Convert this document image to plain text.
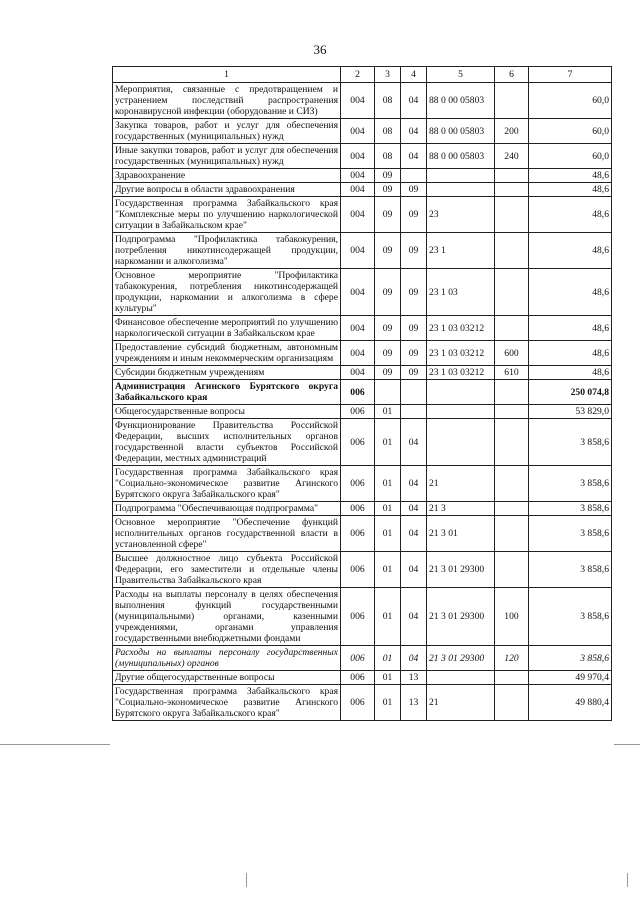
36
1	2	3	4	5	6	7
Мероприятия, связанные с предотвращением и устранением последствий распространения коронавирусной инфекции (оборудование и СИЗ)	004	08	04	88 0 00 05803		60,0
Закупка товаров, работ и услуг для обеспечения государственных (муниципальных) нужд	004	08	04	88 0 00 05803	200	60,0
Иные закупки товаров, работ и услуг для обеспечения государственных (муниципальных) нужд	004	08	04	88 0 00 05803	240	60,0
Здравоохранение	004	09				48,6
Другие вопросы в области здравоохранения	004	09	09			48,6
Государственная программа Забайкальского края "Комплексные меры по улучшению наркологической ситуации в Забайкальском крае"	004	09	09	23		48,6
Подпрограмма "Профилактика табакокурения, потребления никотинсодержащей продукции, наркомании и алкоголизма"	004	09	09	23 1		48,6
Основное мероприятие "Профилактика табакокурения, потребления никотинсодержащей продукции, наркомании и алкоголизма в сфере культуры"	004	09	09	23 1 03		48,6
Финансовое обеспечение мероприятий по улучшению наркологической ситуации в Забайкальском крае	004	09	09	23 1 03 03212		48,6
Предоставление субсидий бюджетным, автономным учреждениям и иным некоммерческим организациям	004	09	09	23 1 03 03212	600	48,6
Субсидии бюджетным учреждениям	004	09	09	23 1 03 03212	610	48,6
Администрация Агинского Бурятского округа Забайкальского края	006					250 074,8
Общегосударственные вопросы	006	01				53 829,0
Функционирование Правительства Российской Федерации, высших исполнительных органов государственной власти субъектов Российской Федерации, местных администраций	006	01	04			3 858,6
Государственная программа Забайкальского края "Социально-экономическое развитие Агинского Бурятского округа Забайкальского края"	006	01	04	21		3 858,6
Подпрограмма "Обеспечивающая подпрограмма"	006	01	04	21 3		3 858,6
Основное мероприятие "Обеспечение функций исполнительных органов государственной власти в установленной сфере"	006	01	04	21 3 01		3 858,6
Высшее должностное лицо субъекта Российской Федерации, его заместители и отдельные члены Правительства Забайкальского края	006	01	04	21 3 01 29300		3 858,6
Расходы на выплаты персоналу в целях обеспечения выполнения функций государственными (муниципальными) органами, казенными учреждениями, органами управления государственными внебюджетными фондами	006	01	04	21 3 01 29300	100	3 858,6
Расходы на выплаты персоналу государственных (муниципальных) органов	006	01	04	21 3 01 29300	120	3 858,6
Другие общегосударственные вопросы	006	01	13			49 970,4
Государственная программа Забайкальского края "Социально-экономическое развитие Агинского Бурятского округа Забайкальского края"	006	01	13	21		49 880,4
